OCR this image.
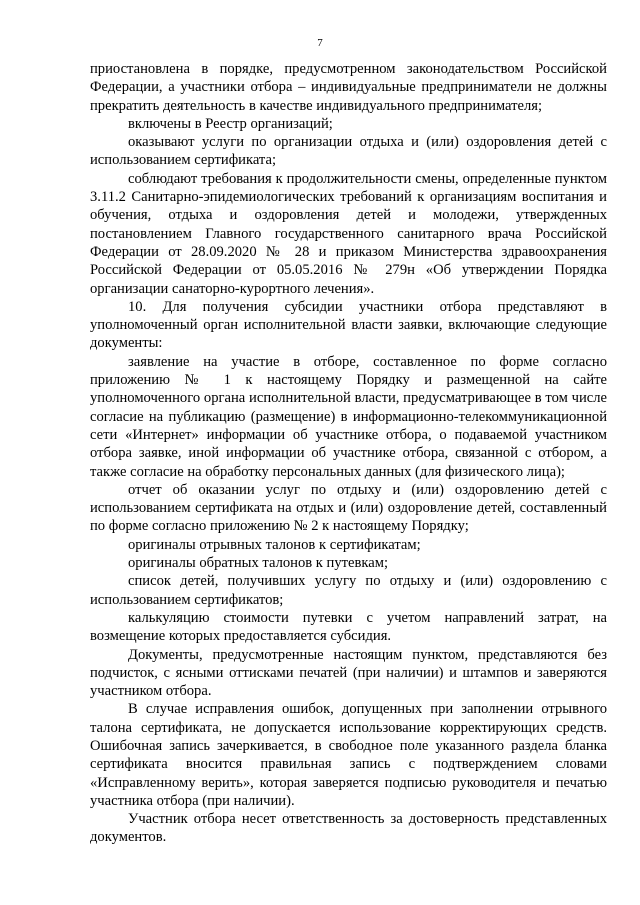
7

приостановлена в порядке, предусмотренном законодательством Российской Федерации, а участники отбора – индивидуальные предприниматели не должны прекратить деятельность в качестве индивидуального предпринимателя;

включены в Реестр организаций;

оказывают услуги по организации отдыха и (или) оздоровления детей с использованием сертификата;

соблюдают требования к продолжительности смены, определенные пунктом 3.11.2 Санитарно-эпидемиологических требований к организациям воспитания и обучения, отдыха и оздоровления детей и молодежи, утвержденных постановлением Главного государственного санитарного врача Российской Федерации от 28.09.2020 № 28 и приказом Министерства здравоохранения Российской Федерации от 05.05.2016 № 279н «Об утверждении Порядка организации санаторно-курортного лечения».

10. Для получения субсидии участники отбора представляют в уполномоченный орган исполнительной власти заявки, включающие следующие документы:

заявление на участие в отборе, составленное по форме согласно приложению № 1 к настоящему Порядку и размещенной на сайте уполномоченного органа исполнительной власти, предусматривающее в том числе согласие на публикацию (размещение) в информационно-телекоммуникационной сети «Интернет» информации об участнике отбора, о подаваемой участником отбора заявке, иной информации об участнике отбора, связанной с отбором, а также согласие на обработку персональных данных (для физического лица);

отчет об оказании услуг по отдыху и (или) оздоровлению детей с использованием сертификата на отдых и (или) оздоровление детей, составленный по форме согласно приложению № 2 к настоящему Порядку;

оригиналы отрывных талонов к сертификатам;

оригиналы обратных талонов к путевкам;

список детей, получивших услугу по отдыху и (или) оздоровлению с использованием сертификатов;

калькуляцию стоимости путевки с учетом направлений затрат, на возмещение которых предоставляется субсидия.

Документы, предусмотренные настоящим пунктом, представляются без подчисток, с ясными оттисками печатей (при наличии) и штампов и заверяются участником отбора.

В случае исправления ошибок, допущенных при заполнении отрывного талона сертификата, не допускается использование корректирующих средств. Ошибочная запись зачеркивается, в свободное поле указанного раздела бланка сертификата вносится правильная запись с подтверждением словами «Исправленному верить», которая заверяется подписью руководителя и печатью участника отбора (при наличии).

Участник отбора несет ответственность за достоверность представленных документов.
